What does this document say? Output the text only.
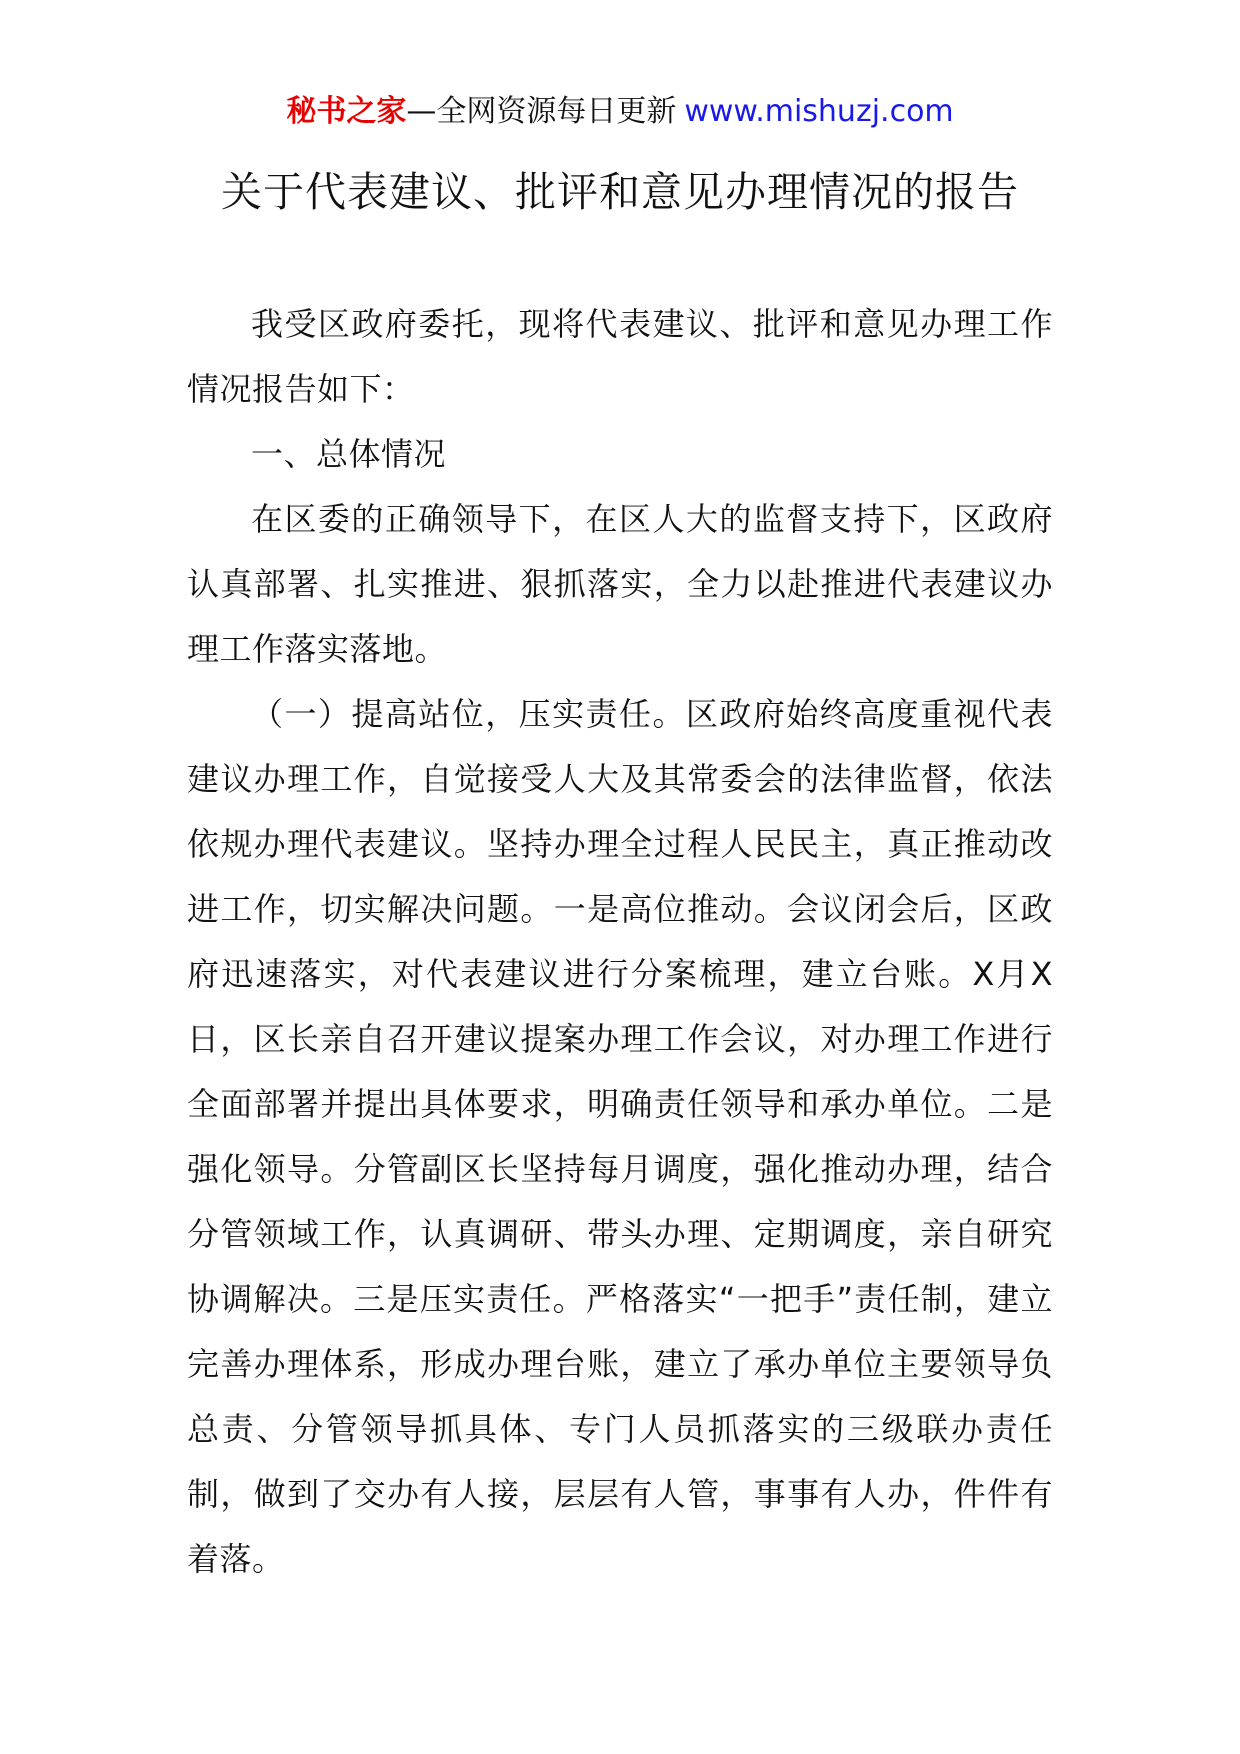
秘书之家—全网资源每日更新 www.mishuzj.com
关于代表建议、批评和意见办理情况的报告

我受区政府委托，现将代表建议、批评和意见办理工作情况报告如下：

一、总体情况

在区委的正确领导下，在区人大的监督支持下，区政府认真部署、扎实推进、狠抓落实，全力以赴推进代表建议办理工作落实落地。

（一）提高站位，压实责任。区政府始终高度重视代表建议办理工作，自觉接受人大及其常委会的法律监督，依法依规办理代表建议。坚持办理全过程人民民主，真正推动改进工作，切实解决问题。一是高位推动。会议闭会后，区政府迅速落实，对代表建议进行分案梳理，建立台账。X月X日，区长亲自召开建议提案办理工作会议，对办理工作进行全面部署并提出具体要求，明确责任领导和承办单位。二是强化领导。分管副区长坚持每月调度，强化推动办理，结合分管领域工作，认真调研、带头办理、定期调度，亲自研究协调解决。三是压实责任。严格落实“一把手”责任制，建立完善办理体系，形成办理台账，建立了承办单位主要领导负总责、分管领导抓具体、专门人员抓落实的三级联办责任制，做到了交办有人接，层层有人管，事事有人办，件件有着落。
